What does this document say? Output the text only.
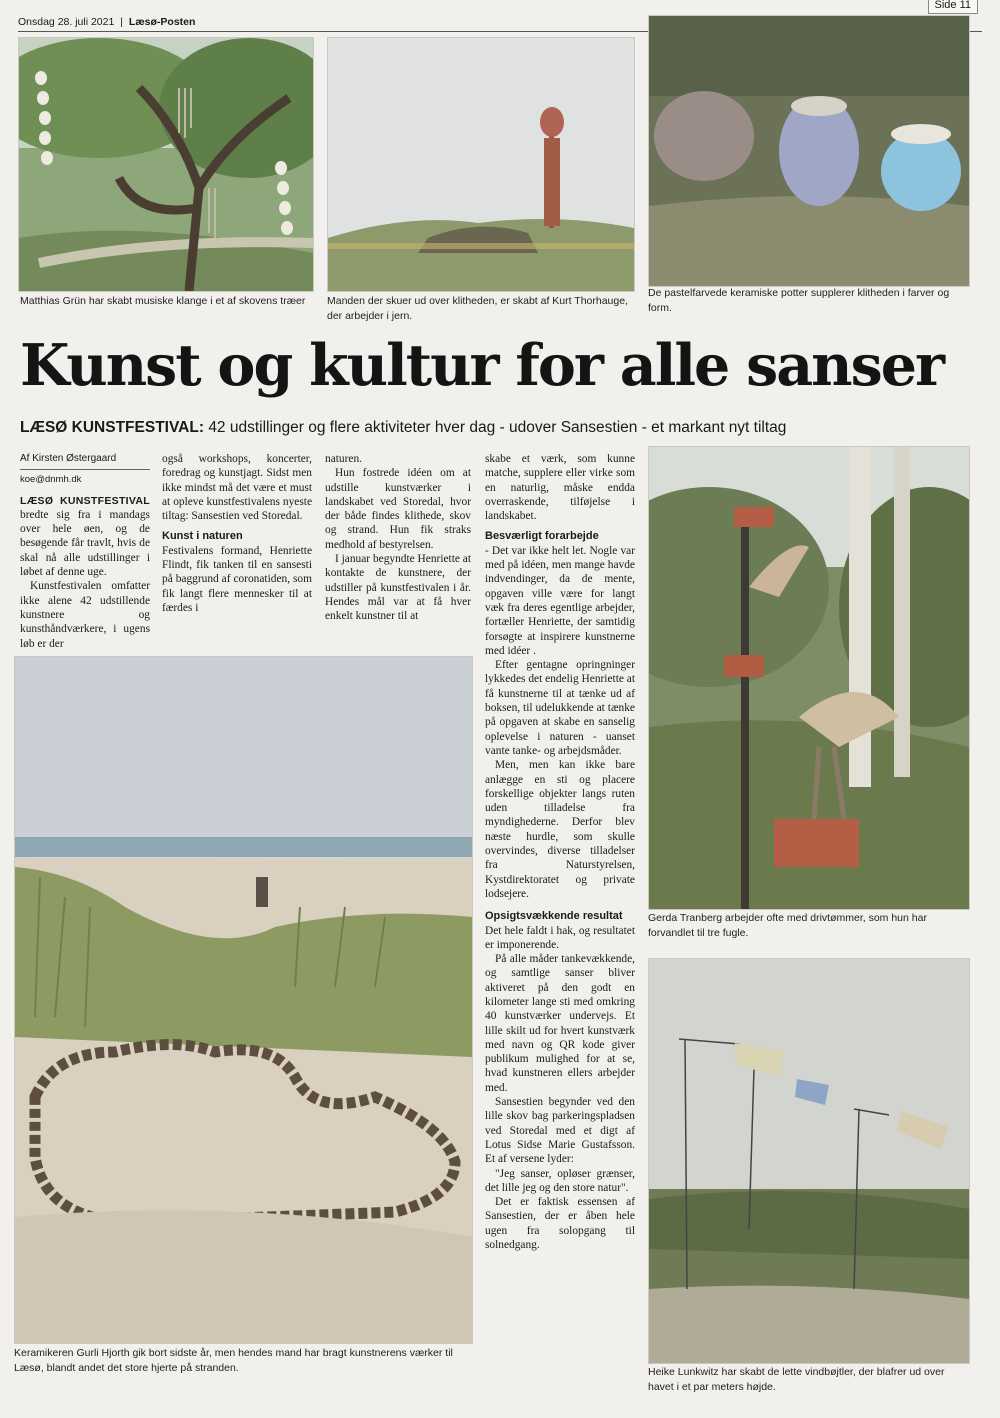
Onsdag 28. juli 2021 | Læsø-Posten
Side 11
Matthias Grün har skabt musiske klange i et af skovens træer	Manden der skuer ud over klitheden, er skabt af Kurt Thorhauge, der arbejder i jern.
De pastelfarvede keramiske potter supplerer klitheden i farver og form.
Kunst og kultur for alle sanser
LÆSØ KUNSTFESTIVAL: 42 udstillinger og flere aktiviteter hver dag - udover Sansestien - et markant nyt tiltag
Af Kirsten Østergaard
koe@dnmh.dk

LÆSØ KUNSTFESTIVAL bredte sig fra i mandags over hele øen, og de besøgende får travlt, hvis de skal nå alle udstillinger i løbet af denne uge.

Kunstfestivalen omfatter ikke alene 42 udstillende kunstnere og kunsthåndværkere, i ugens løb er der

også workshops, koncerter, foredrag og kunstjagt. Sidst men ikke mindst må det være et must at opleve kunstfestivalens nyeste tiltag: Sansestien ved Storedal.

Kunst i naturen

Festivalens formand, Henriette Flindt, fik tanken til en sansesti på baggrund af coronatiden, som fik langt flere mennesker til at færdes i

naturen.

Hun fostrede idéen om at udstille kunstværker i landskabet ved Storedal, hvor der både findes klithede, skov og strand. Hun fik straks medhold af bestyrelsen.

I januar begyndte Henriette at kontakte de kunstnere, der udstiller på kunstfestivalen i år. Hendes mål var at få hver enkelt kunstner til at

skabe et værk, som kunne matche, supplere eller virke som en naturlig, måske endda overraskende, tilføjelse i landskabet.

Besværligt forarbejde

- Det var ikke helt let. Nogle var med på idéen, men mange havde indvendinger, da de mente, opgaven ville være for langt væk fra deres egentlige arbejder, fortæller Henriette, der samtidig forsøgte at inspirere kunstnerne med idéer .

Efter gentagne opringninger lykkedes det endelig Henriette at få kunstnerne til at tænke ud af boksen, til udelukkende at tænke på opgaven at skabe en sanselig oplevelse i naturen - uanset vante tanke- og arbejdsmåder.

Men, men kan ikke bare anlægge en sti og placere forskellige objekter langs ruten uden tilladelse fra myndighederne. Derfor blev næste hurdle, som skulle overvindes, diverse tilladelser fra Naturstyrelsen, Kystdirektoratet og private lodsejere.

Opsigtsvækkende resultat

Det hele faldt i hak, og resultatet er imponerende.

På alle måder tankevækkende, og samtlige sanser bliver aktiveret på den godt en kilometer lange sti med omkring 40 kunstværker undervejs. Et lille skilt ud for hvert kunstværk med navn og QR kode giver publikum mulighed for at se, hvad kunstneren ellers arbejder med.

Sansestien begynder ved den lille skov bag parkeringspladsen ved Storedal med et digt af Lotus Sidse Marie Gustafsson. Et af versene lyder:

"Jeg sanser, opløser grænser, det lille jeg og den store natur".

Det er faktisk essensen af Sansestien, der er åben hele ugen fra solopgang til solnedgang.

Keramikeren Gurli Hjorth gik bort sidste år, men hendes mand har bragt kunstnerens værker til Læsø, blandt andet det store hjerte på stranden.
Gerda Tranberg arbejder ofte med drivtømmer, som hun har forvandlet til tre fugle.
Heike Lunkwitz har skabt de lette vindbøjtler, der blafrer ud over havet i et par meters højde.
